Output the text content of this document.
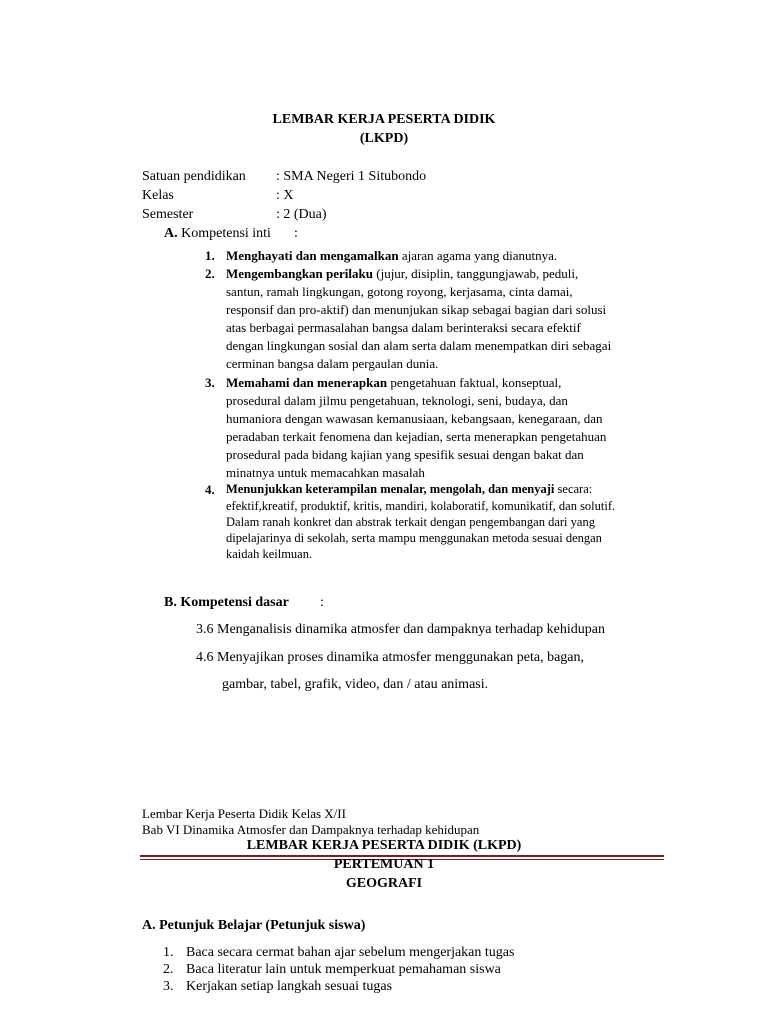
LEMBAR KERJA PESERTA DIDIK
(LKPD)
Satuan pendidikan : SMA Negeri 1 Situbondo
Kelas	: X
Semester	: 2 (Dua)
A. Kompetensi inti :
1. Menghayati dan mengamalkan ajaran agama yang dianutnya.
2. Mengembangkan perilaku (jujur, disiplin, tanggungjawab, peduli,
santun, ramah lingkungan, gotong royong, kerjasama, cinta damai,
responsif dan pro-aktif) dan menunjukan sikap sebagai bagian dari solusi
atas berbagai permasalahan bangsa dalam berinteraksi secara efektif
dengan lingkungan sosial dan alam serta dalam menempatkan diri sebagai
cerminan bangsa dalam pergaulan dunia.
3. Memahami dan menerapkan pengetahuan faktual, konseptual,
prosedural dalam jilmu pengetahuan, teknologi, seni, budaya, dan
humaniora dengan wawasan kemanusiaan, kebangsaan, kenegaraan, dan
peradaban terkait fenomena dan kejadian, serta menerapkan pengetahuan
prosedural pada bidang kajian yang spesifik sesuai dengan bakat dan
minatnya untuk memacahkan masalah
4. Menunjukkan keterampilan menalar, mengolah, dan menyaji secara:
efektif,kreatif, produktif, kritis, mandiri, kolaboratif, komunikatif, dan solutif.
Dalam ranah konkret dan abstrak terkait dengan pengembangan dari yang
dipelajarinya di sekolah, serta mampu menggunakan metoda sesuai dengan
kaidah keilmuan.
B. Kompetensi dasar :
3.6 Menganalisis dinamika atmosfer dan dampaknya terhadap kehidupan
4.6 Menyajikan proses dinamika atmosfer menggunakan peta, bagan,
gambar, tabel, grafik, video, dan / atau animasi.
Lembar Kerja Peserta Didik Kelas X/II
Bab VI Dinamika Atmosfer dan Dampaknya terhadap kehidupan
LEMBAR KERJA PESERTA DIDIK (LKPD)
PERTEMUAN 1
GEOGRAFI
A. Petunjuk Belajar (Petunjuk siswa)
1. Baca secara cermat bahan ajar sebelum mengerjakan tugas
2. Baca literatur lain untuk memperkuat pemahaman siswa
3. Kerjakan setiap langkah sesuai tugas
